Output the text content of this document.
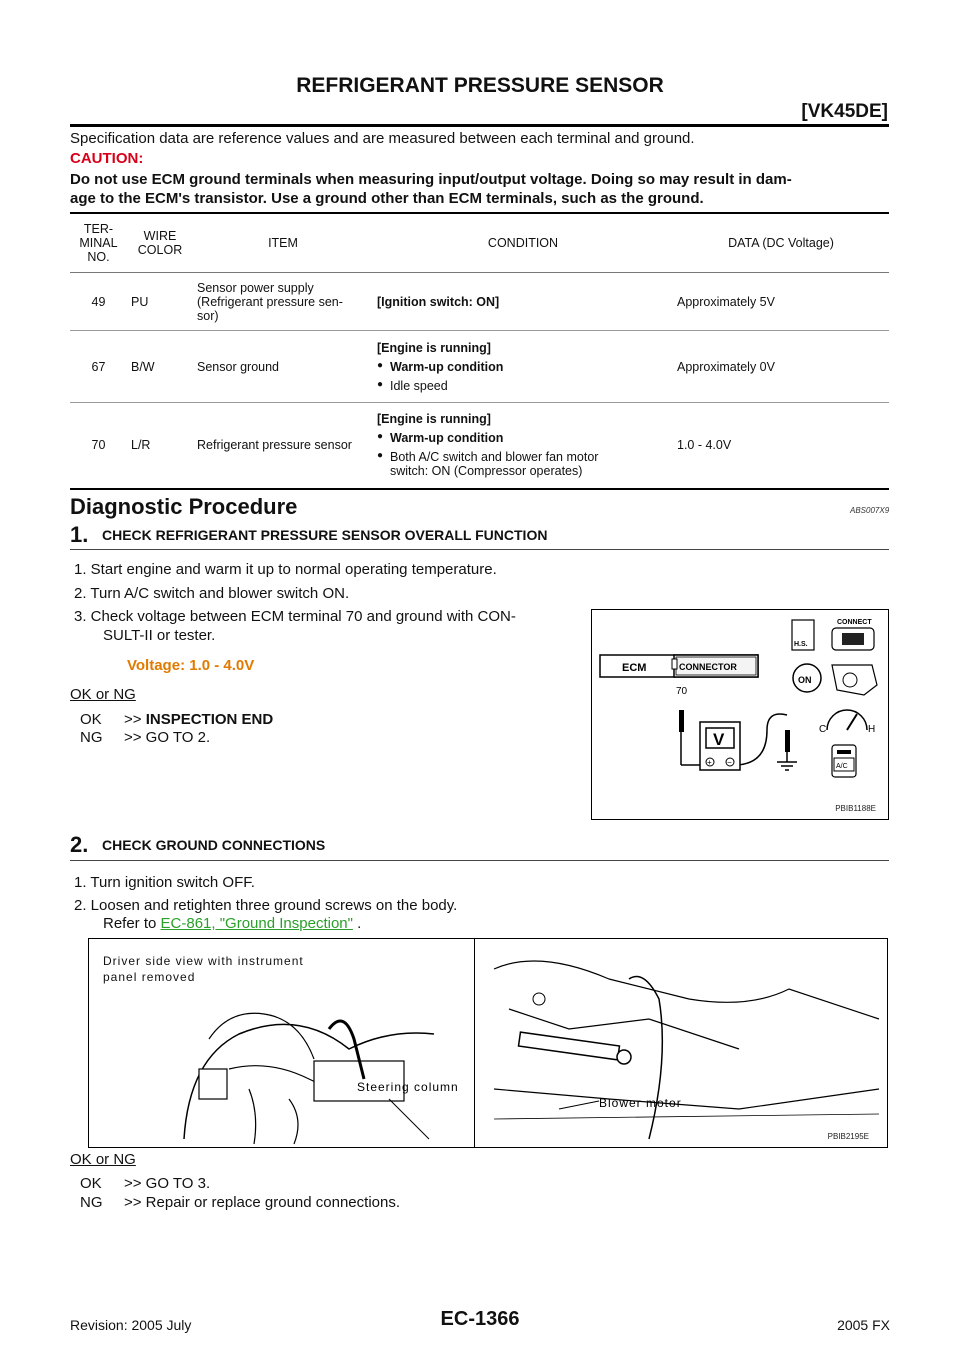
REFRIGERANT PRESSURE SENSOR
[VK45DE]
Specification data are reference values and are measured between each terminal and ground.
CAUTION:
Do not use ECM ground terminals when measuring input/output voltage. Doing so may result in dam-
age to the ECM's transistor. Use a ground other than ECM terminals, such as the ground.
TER-
MINAL
NO.	WIRE
COLOR	ITEM	CONDITION	DATA (DC Voltage)
49	PU	Sensor power supply
(Refrigerant pressure sen-
sor)	[Ignition switch: ON]	Approximately 5V
67	B/W	Sensor ground	[Engine is running]
● Warm-up condition
● Idle speed	Approximately 0V
70	L/R	Refrigerant pressure sensor	[Engine is running]
● Warm-up condition
● Both A/C switch and blower fan motor
switch: ON (Compressor operates)	1.0 - 4.0V
Diagnostic Procedure	ABS007X9
1. CHECK REFRIGERANT PRESSURE SENSOR OVERALL FUNCTION
1. Start engine and warm it up to normal operating temperature.
2. Turn A/C switch and blower switch ON.
3. Check voltage between ECM terminal 70 and ground with CON-
SULT-II or tester.
Voltage: 1.0 - 4.0V
OK or NG
OK >> INSPECTION END
NG >> GO TO 2.
ECM	CONNECTOR
70
V
+ −
H.S.
CONNECT
ON
C	H
A/C
PBIB1188E
2. CHECK GROUND CONNECTIONS
1. Turn ignition switch OFF.
2. Loosen and retighten three ground screws on the body.
Refer to EC-861, "Ground Inspection" .
Driver side view with instrument
panel removed
Steering column
Blower motor
PBIB2195E
OK or NG
OK >> GO TO 3.
NG >> Repair or replace ground connections.
Revision: 2005 July	EC-1366	2005 FX
